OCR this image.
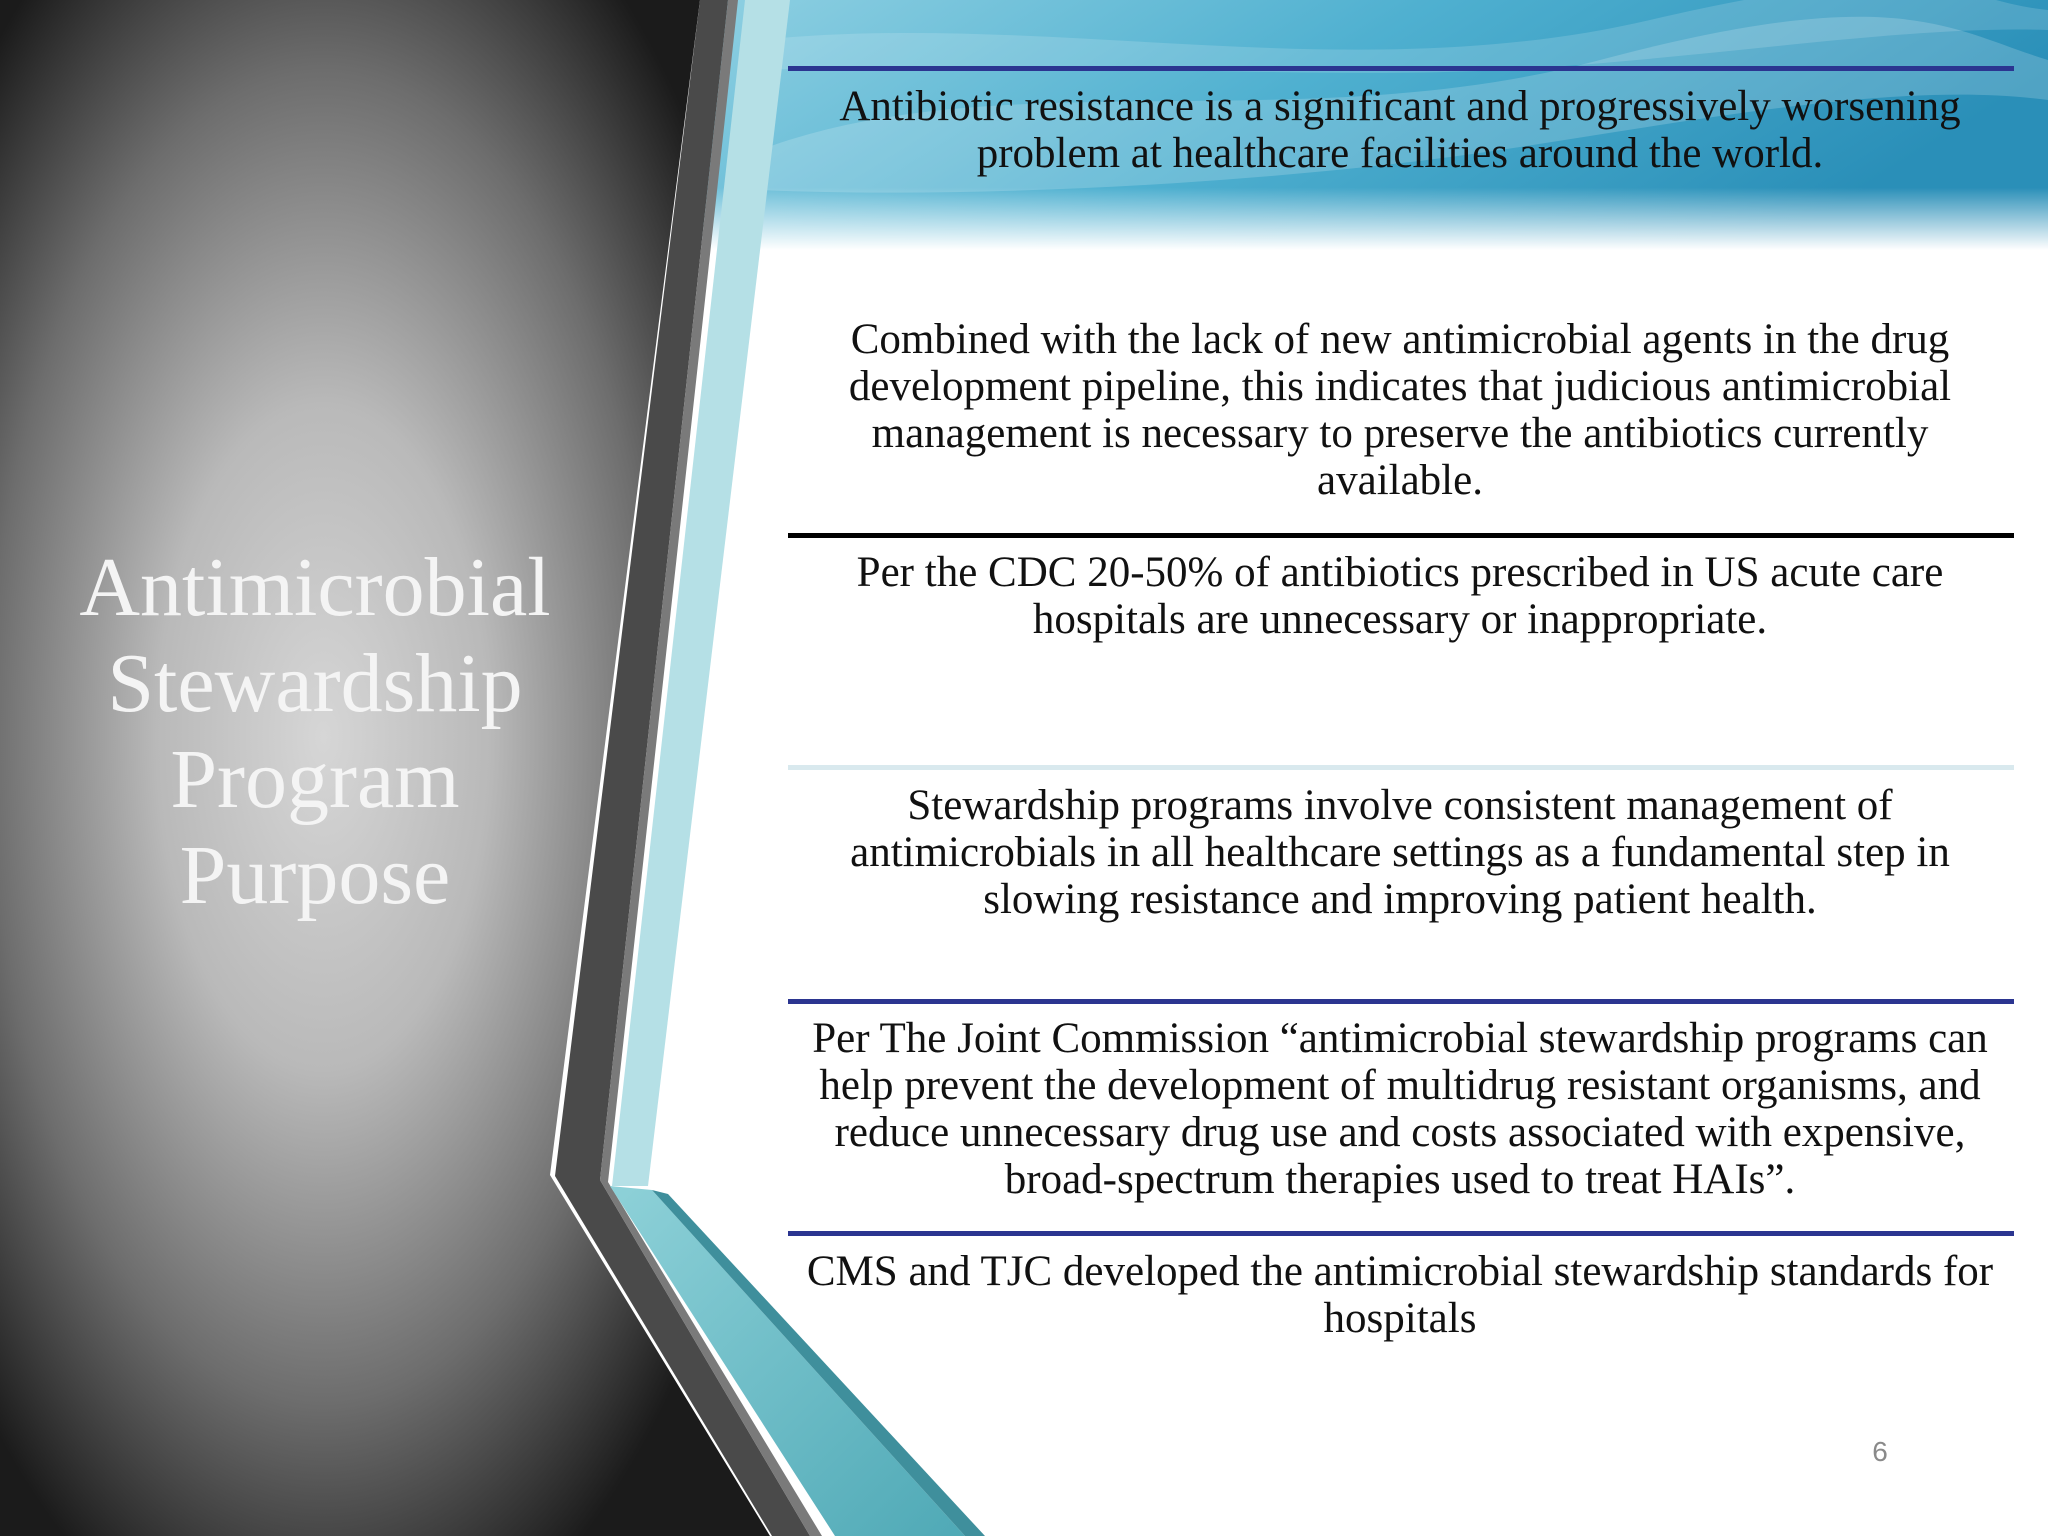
Antimicrobial
Stewardship
Program
Purpose

Antibiotic resistance is a significant and progressively worsening problem at healthcare facilities around the world.

Combined with the lack of new antimicrobial agents in the drug development pipeline, this indicates that judicious antimicrobial management is necessary to preserve the antibiotics currently available.

Per the CDC 20-50% of antibiotics prescribed in US acute care hospitals are unnecessary or inappropriate.

Stewardship programs involve consistent management of antimicrobials in all healthcare settings as a fundamental step in slowing resistance and improving patient health.

Per The Joint Commission “antimicrobial stewardship programs can help prevent the development of multidrug resistant organisms, and reduce unnecessary drug use and costs associated with expensive, broad-spectrum therapies used to treat HAIs”.

CMS and TJC developed the antimicrobial stewardship standards for hospitals

6
